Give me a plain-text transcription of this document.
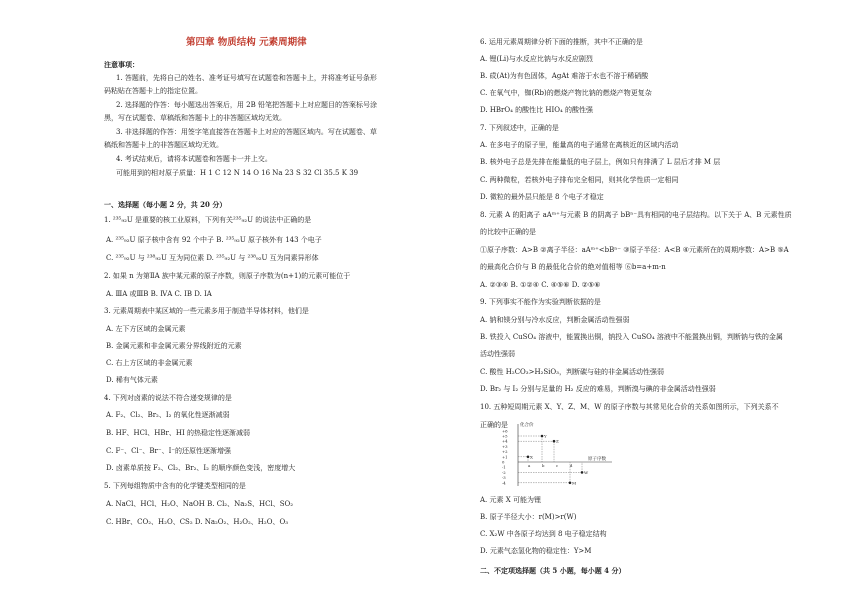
第四章 物质结构 元素周期律
注意事项：
1. 答题前，先将自己的姓名、准考证号填写在试题卷和答题卡上，并将准考证号条形
码粘贴在答题卡上的指定位置。
2. 选择题的作答：每小题选出答案后，用 2B 铅笔把答题卡上对应题目的答案标号涂
黑，写在试题卷、草稿纸和答题卡上的非答题区域均无效。
3. 非选择题的作答：用签字笔直接答在答题卡上对应的答题区域内。写在试题卷、草
稿纸和答题卡上的非答题区域均无效。
4. 考试结束后，请将本试题卷和答题卡一并上交。
可能用到的相对原子质量：H 1 C 12 N 14 O 16 Na 23 S 32 Cl 35.5 K 39
一、选择题（每小题 2 分，共 20 分）
1. ²³⁵₉₂U 是重要的核工业原料，下列有关²³⁵₉₂U 的说法中正确的是
A. ²³⁵₉₂U 原子核中含有 92 个中子 B. ²³⁵₉₂U 原子核外有 143 个电子
C. ²³⁵₉₂U 与 ²³⁸₉₂U 互为同位素 D. ²³⁵₉₂U 与 ²³⁸₉₂U 互为同素异形体
2. 如果 n 为第ⅡA 族中某元素的原子序数，则原子序数为(n+1)的元素可能位于
A. ⅢA 或ⅢB B. ⅣA C. ⅠB D. ⅠA
3. 元素周期表中某区域的一些元素多用于制造半导体材料，他们是
A. 左下方区域的金属元素
B. 金属元素和非金属元素分界线附近的元素
C. 右上方区域的非金属元素
D. 稀有气体元素
4. 下列对卤素的说法不符合递变规律的是
A. F₂、Cl₂、Br₂、I₂ 的氧化性逐渐减弱
B. HF、HCl、HBr、HI 的热稳定性逐渐减弱
C. F⁻、Cl⁻、Br⁻、I⁻的还原性逐渐增强
D. 卤素单质按 F₂、Cl₂、Br₂、I₂ 的顺序颜色变浅，密度增大
5. 下列每组物质中含有的化学键类型相同的是
A. NaCl、HCl、H₂O、NaOH B. Cl₂、Na₂S、HCl、SO₂
C. HBr、CO₂、H₂O、CS₂ D. Na₂O₂、H₂O₂、H₂O、O₃
6. 运用元素周期律分析下面的推断，其中不正确的是
A. 锂(Li)与水反应比钠与水反应剧烈
B. 砹(At)为有色固体，AgAt 难溶于水也不溶于稀硝酸
C. 在氧气中，铷(Rb)的燃烧产物比钠的燃烧产物更复杂
D. HBrO₄ 的酸性比 HIO₄ 的酸性强
7. 下列叙述中，正确的是
A. 在多电子的原子里，能量高的电子通常在离核近的区域内活动
B. 核外电子总是先排在能量低的电子层上，例如只有排满了 L 层后才排 M 层
C. 两种微粒，若核外电子排布完全相同，则其化学性质一定相同
D. 微粒的最外层只能是 8 个电子才稳定
8. 元素 A 的阳离子 aAᵐ⁺与元素 B 的阴离子 bBⁿ⁻具有相同的电子层结构。以下关于 A、B 元素性质
的比较中正确的是
①原子序数：A>B ②离子半径：aAᵐ⁺<bBⁿ⁻ ③原子半径：A<B ④元素所在的周期序数：A>B ⑤A
的最高化合价与 B 的最低化合价的绝对值相等 ⑥b=a+m-n
A. ②③④ B. ①②④ C. ④⑤⑥ D. ②⑤⑥
9. 下列事实不能作为实验判断依据的是
A. 钠和镁分别与冷水反应，判断金属活动性强弱
B. 铁投入 CuSO₄ 溶液中，能置换出铜，钠投入 CuSO₄ 溶液中不能置换出铜，判断钠与铁的金属
活动性强弱
C. 酸性 H₂CO₃>H₂SiO₃，判断碳与硅的非金属活动性强弱
D. Br₂ 与 I₂ 分别与足量的 H₂ 反应的难易，判断溴与碘的非金属活动性强弱
10. 五种短周期元素 X、Y、Z、M、W 的原子序数与其常见化合价的关系如图所示，下列关系不
正确的是
A. 元素 X 可能为锂
B. 原子半径大小：r(M)>r(W)
C. X₂W 中各原子均达到 8 电子稳定结构
D. 元素气态氢化物的稳定性：Y>M
二、不定项选择题（共 5 小题，每小题 4 分）
化合价
原子序数
+6
+5
+4
+3
+2
+1
0
-1
-2
-3
-4
a	b	c	d
X
Y
Z
M
W
